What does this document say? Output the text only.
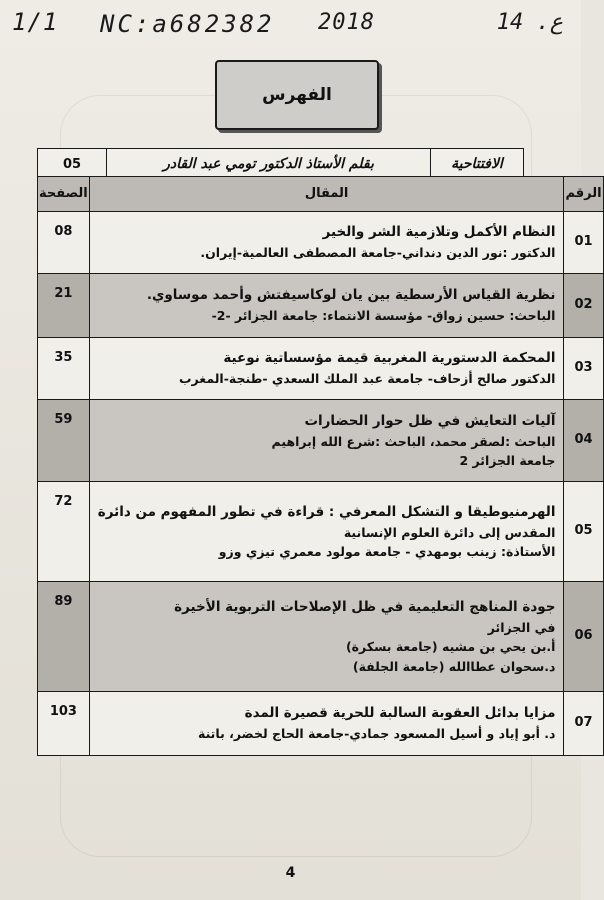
1/1 NC:a682382 2018	ع. 14
الفهرس
الافتتاحية	بقلم الأستاذ الدكتور تومي عبد القادر	05
الرقم	المقال	الصفحة
01	النظام الأكمل وتلازمية الشر والخير
الدكتور :نور الدين دنداني-جامعة المصطفى العالمية-إيران.	08
02	نظرية القياس الأرسطية بين يان لوكاسيفتش وأحمد موساوي.
الباحث: حسين زواق- مؤسسة الانتماء: جامعة الجزائر -2-	21
03	المحكمة الدستورية المغربية قيمة مؤسساتية نوعية
الدكتور صالح أزحاف- جامعة عبد الملك السعدي -طنجة-المغرب	35
04	آليات التعايش في ظل حوار الحضارات
الباحث :لصقر محمد، الباحث :شرع الله إبراهيم
جامعة الجزائر 2	59
05	الهرمنيوطيقا و التشكل المعرفي : قراءة في تطور المفهوم من دائرة
المقدس إلى دائرة العلوم الإنسانية
الأستاذة: زينب بومهدي - جامعة مولود معمري تيزي وزو	72
06	جودة المناهج التعليمية في ظل الإصلاحات التربوية الأخيرة
في الجزائر
أ.بن يحي بن مشيه (جامعة بسكرة)
د.سحوان عطاالله (جامعة الجلفة)	89
07	مزايا بدائل العقوبة السالبة للحرية قصيرة المدة
د. أبو إياد و أسيل المسعود جمادي-جامعة الحاج لخضر، باتنة	103
4
